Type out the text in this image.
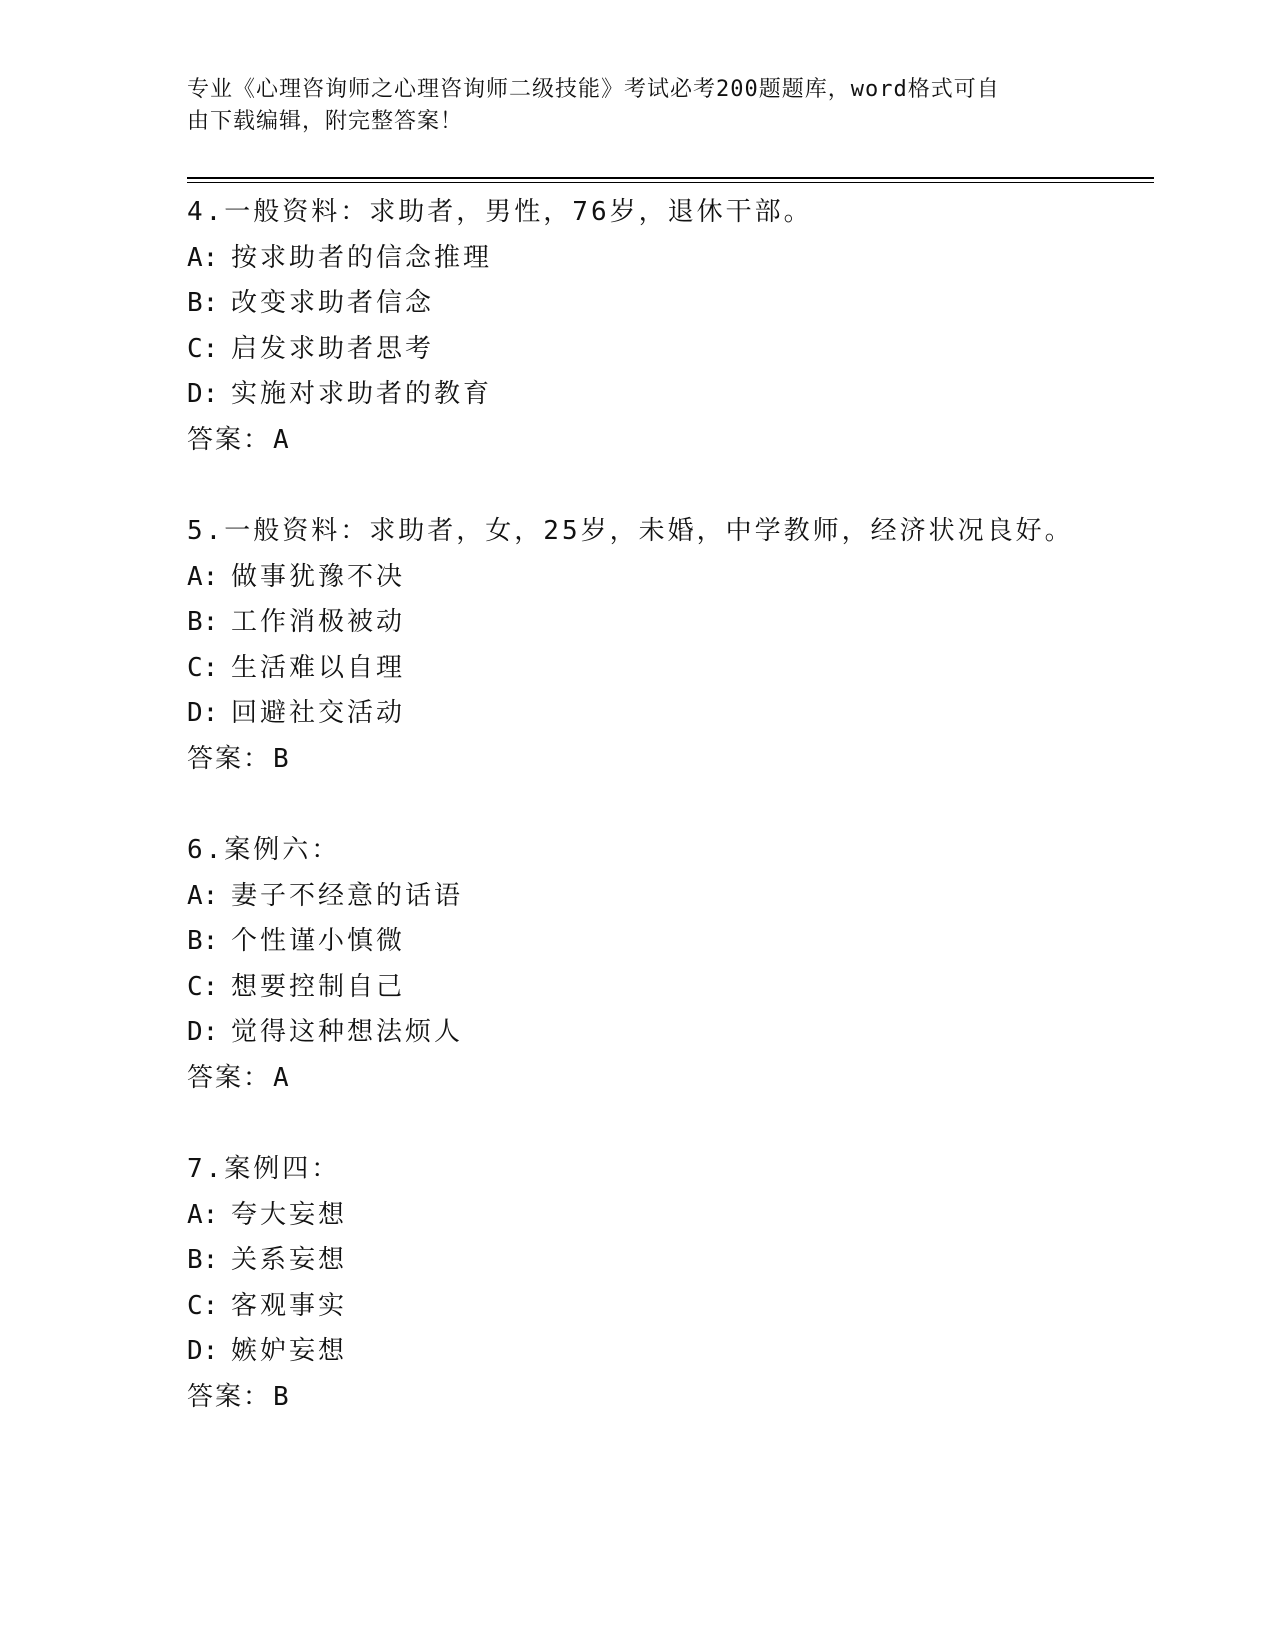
专业《心理咨询师之心理咨询师二级技能》考试必考200题题库，word格式可自
由下载编辑，附完整答案！
4.一般资料：求助者，男性，76岁，退休干部。
A: 按求助者的信念推理
B: 改变求助者信念
C: 启发求助者思考
D: 实施对求助者的教育
答案：A
5.一般资料：求助者，女，25岁，未婚，中学教师，经济状况良好。
A: 做事犹豫不决
B: 工作消极被动
C: 生活难以自理
D: 回避社交活动
答案：B
6.案例六：
A: 妻子不经意的话语
B: 个性谨小慎微
C: 想要控制自己
D: 觉得这种想法烦人
答案：A
7.案例四：
A: 夸大妄想
B: 关系妄想
C: 客观事实
D: 嫉妒妄想
答案：B
